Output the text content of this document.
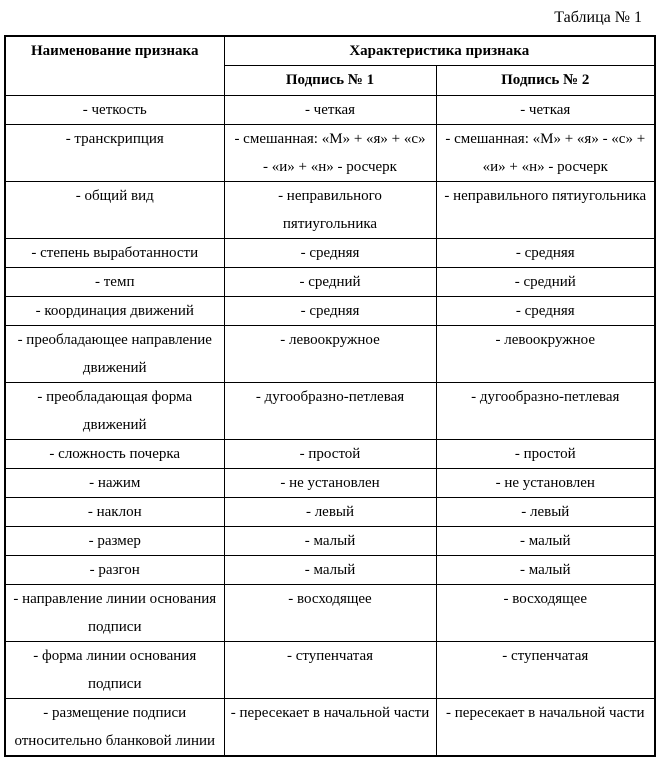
Таблица № 1
Наименование признака	Характеристика признака	
	Подпись № 1	Подпись № 2
- четкость	- четкая	- четкая
- транскрипция	- смешанная: «М» + «я» + «с» - «и» + «н» - росчерк	- смешанная: «М» + «я» - «с» + «и» + «н» - росчерк
- общий вид	- неправильного пятиугольника	- неправильного пятиугольника
- степень выработанности	- средняя	- средняя
- темп	- средний	- средний
- координация движений	- средняя	- средняя
- преобладающее направление движений	- левоокружное	- левоокружное
- преобладающая форма движений	- дугообразно-петлевая	- дугообразно-петлевая
- сложность почерка	- простой	- простой
- нажим	- не установлен	- не установлен
- наклон	- левый	- левый
- размер	- малый	- малый
- разгон	- малый	- малый
- направление линии основания подписи	- восходящее	- восходящее
- форма линии основания подписи	- ступенчатая	- ступенчатая
- размещение подписи относительно бланковой линии	- пересекает в начальной части	- пересекает в начальной части
